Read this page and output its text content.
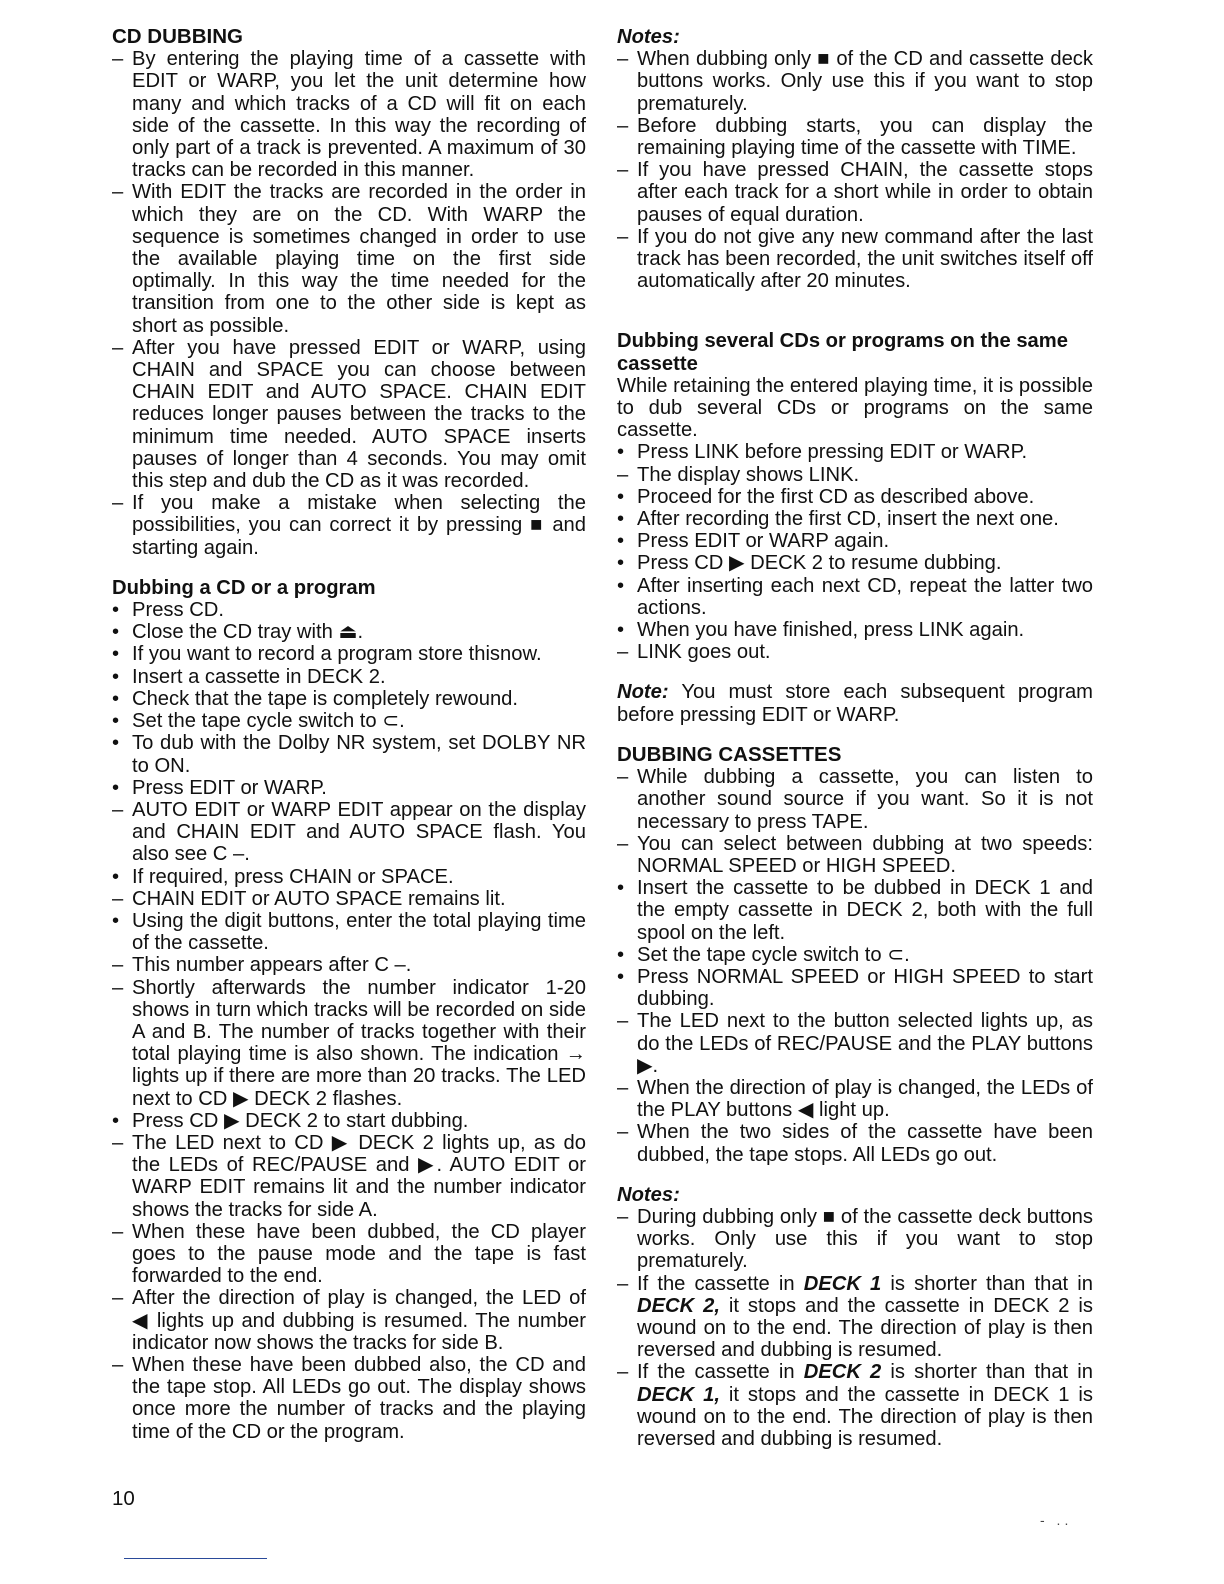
CD DUBBING
– By entering the playing time of a cassette with EDIT or WARP, you let the unit determine how many and which tracks of a CD will fit on each side of the cassette. In this way the recording of only part of a track is prevented. A maximum of 30 tracks can be recorded in this manner.
– With EDIT the tracks are recorded in the order in which they are on the CD. With WARP the sequence is sometimes changed in order to use the available playing time on the first side optimally. In this way the time needed for the transition from one to the other side is kept as short as possible.
– After you have pressed EDIT or WARP, using CHAIN and SPACE you can choose between CHAIN EDIT and AUTO SPACE. CHAIN EDIT reduces longer pauses between the tracks to the minimum time needed. AUTO SPACE inserts pauses of longer than 4 seconds. You may omit this step and dub the CD as it was recorded.
– If you make a mistake when selecting the possibilities, you can correct it by pressing ■ and starting again.
Dubbing a CD or a program
• Press CD.
• Close the CD tray with ⏏.
• If you want to record a program store thisnow.
• Insert a cassette in DECK 2.
• Check that the tape is completely rewound.
• Set the tape cycle switch to ⊂.
• To dub with the Dolby NR system, set DOLBY NR to ON.
• Press EDIT or WARP.
– AUTO EDIT or WARP EDIT appear on the display and CHAIN EDIT and AUTO SPACE flash. You also see C –.
• If required, press CHAIN or SPACE.
– CHAIN EDIT or AUTO SPACE remains lit.
• Using the digit buttons, enter the total playing time of the cassette.
– This number appears after C –.
– Shortly afterwards the number indicator 1-20 shows in turn which tracks will be recorded on side A and B. The number of tracks together with their total playing time is also shown. The indication → lights up if there are more than 20 tracks. The LED next to CD ▶ DECK 2 flashes.
• Press CD ▶ DECK 2 to start dubbing.
– The LED next to CD ▶ DECK 2 lights up, as do the LEDs of REC/PAUSE and ▶. AUTO EDIT or WARP EDIT remains lit and the number indicator shows the tracks for side A.
– When these have been dubbed, the CD player goes to the pause mode and the tape is fast forwarded to the end.
– After the direction of play is changed, the LED of ◀ lights up and dubbing is resumed. The number indicator now shows the tracks for side B.
– When these have been dubbed also, the CD and the tape stop. All LEDs go out. The display shows once more the number of tracks and the playing time of the CD or the program.
Notes:
– When dubbing only ■ of the CD and cassette deck buttons works. Only use this if you want to stop prematurely.
– Before dubbing starts, you can display the remaining playing time of the cassette with TIME.
– If you have pressed CHAIN, the cassette stops after each track for a short while in order to obtain pauses of equal duration.
– If you do not give any new command after the last track has been recorded, the unit switches itself off automatically after 20 minutes.
Dubbing several CDs or programs on the same cassette
While retaining the entered playing time, it is possible to dub several CDs or programs on the same cassette.
• Press LINK before pressing EDIT or WARP.
– The display shows LINK.
• Proceed for the first CD as described above.
• After recording the first CD, insert the next one.
• Press EDIT or WARP again.
• Press CD ▶ DECK 2 to resume dubbing.
• After inserting each next CD, repeat the latter two actions.
• When you have finished, press LINK again.
– LINK goes out.
Note: You must store each subsequent program before pressing EDIT or WARP.
DUBBING CASSETTES
– While dubbing a cassette, you can listen to another sound source if you want. So it is not necessary to press TAPE.
– You can select between dubbing at two speeds: NORMAL SPEED or HIGH SPEED.
• Insert the cassette to be dubbed in DECK 1 and the empty cassette in DECK 2, both with the full spool on the left.
• Set the tape cycle switch to ⊂.
• Press NORMAL SPEED or HIGH SPEED to start dubbing.
– The LED next to the button selected lights up, as do the LEDs of REC/PAUSE and the PLAY buttons ▶.
– When the direction of play is changed, the LEDs of the PLAY buttons ◀ light up.
– When the two sides of the cassette have been dubbed, the tape stops. All LEDs go out.
Notes:
– During dubbing only ■ of the cassette deck buttons works. Only use this if you want to stop prematurely.
– If the cassette in DECK 1 is shorter than that in DECK 2, it stops and the cassette in DECK 2 is wound on to the end. The direction of play is then reversed and dubbing is resumed.
– If the cassette in DECK 2 is shorter than that in DECK 1, it stops and the cassette in DECK 1 is wound on to the end. The direction of play is then reversed and dubbing is resumed.
10
- ..
